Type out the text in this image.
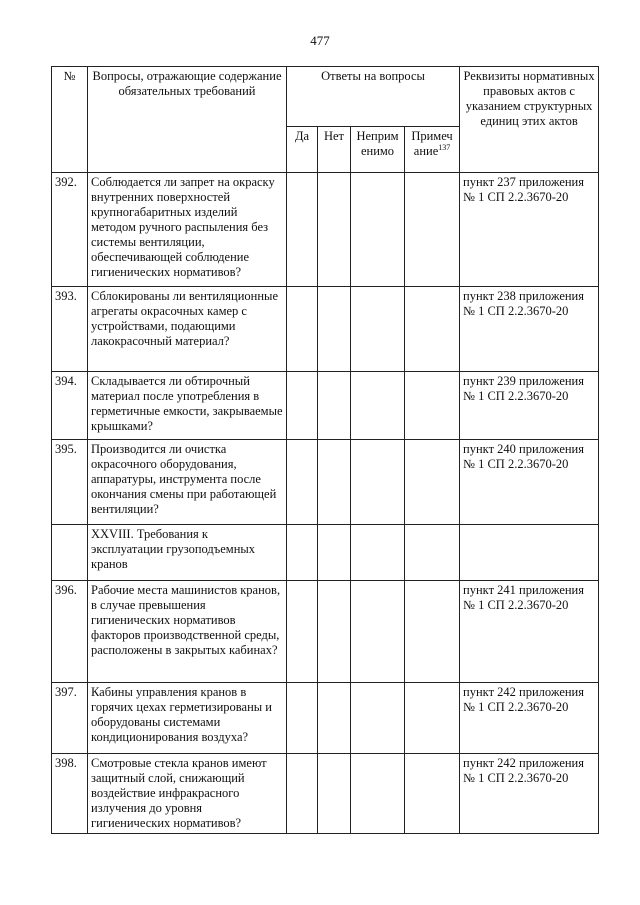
477
№	Вопросы, отражающие содержание обязательных требований	Ответы на вопросы				Реквизиты нормативных правовых актов с указанием структурных единиц этих актов
		Да	Нет	Неприм енимо	Примеч ание$^{137}$
392.	Соблюдается ли запрет на окраску внутренних поверхностей крупногабаритных изделий методом ручного распыления без системы вентиляции, обеспечивающей соблюдение гигиенических нормативов?					пункт 237 приложения № 1 СП 2.2.3670-20
393.	Сблокированы ли вентиляционные агрегаты окрасочных камер с устройствами, подающими лакокрасочный материал?					пункт 238 приложения № 1 СП 2.2.3670-20
394.	Складывается ли обтирочный материал после употребления в герметичные емкости, закрываемые крышками?					пункт 239 приложения № 1 СП 2.2.3670-20
395.	Производится ли очистка окрасочного оборудования, аппаратуры, инструмента после окончания смены при работающей вентиляции?					пункт 240 приложения № 1 СП 2.2.3670-20
	XXVIII. Требования к эксплуатации грузоподъемных кранов					
396.	Рабочие места машинистов кранов, в случае превышения гигиенических нормативов факторов производственной среды, расположены в закрытых кабинах?					пункт 241 приложения № 1 СП 2.2.3670-20
397.	Кабины управления кранов в горячих цехах герметизированы и оборудованы системами кондиционирования воздуха?					пункт 242 приложения № 1 СП 2.2.3670-20
398.	Смотровые стекла кранов имеют защитный слой, снижающий воздействие инфракрасного излучения до уровня гигиенических нормативов?					пункт 242 приложения № 1 СП 2.2.3670-20
